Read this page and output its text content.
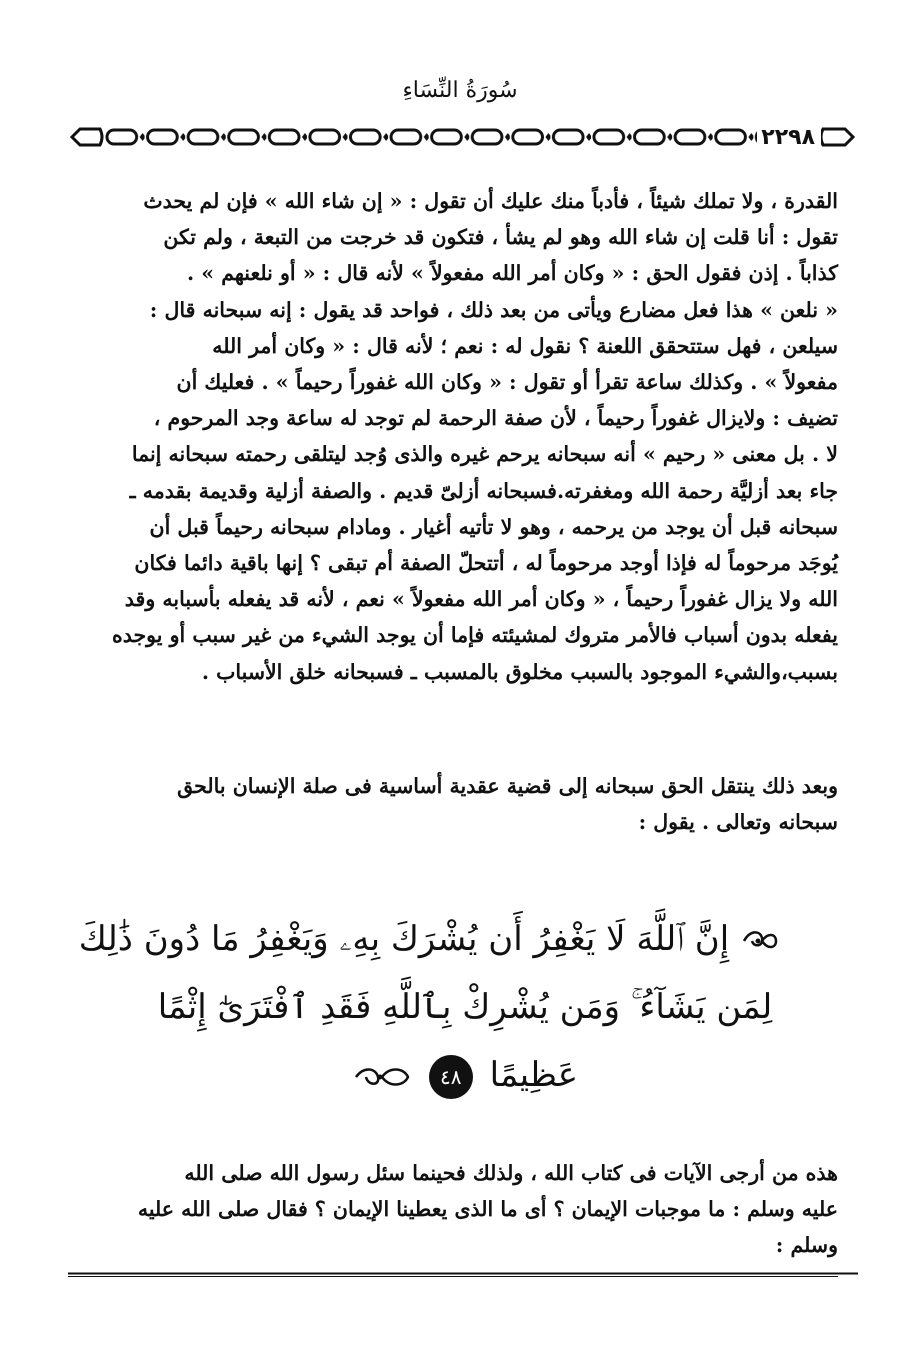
سُورَةُ النِّسَاءِ
٢٢٩٨
القدرة ، ولا تملك شيئاً ، فأدباً منك عليك أن تقول : « إن شاء الله » فإن لم يحدث
تقول : أنا قلت إن شاء الله وهو لم يشأ ، فتكون قد خرجت من التبعة ، ولم تكن
كذاباً . إذن فقول الحق : « وكان أمر الله مفعولاً » لأنه قال : « أو نلعنهم » .
« نلعن » هذا فعل مضارع ويأتى من بعد ذلك ، فواحد قد يقول : إنه سبحانه قال :
سيلعن ، فهل ستتحقق اللعنة ؟ نقول له : نعم ؛ لأنه قال : « وكان أمر الله
مفعولاً » . وكذلك ساعة تقرأ أو تقول : « وكان الله غفوراً رحيماً » . فعليك أن
تضيف : ولايزال غفوراً رحيماً ، لأن صفة الرحمة لم توجد له ساعة وجد المرحوم ،
لا . بل معنى « رحيم » أنه سبحانه يرحم غيره والذى وُجد ليتلقى رحمته سبحانه إنما
جاء بعد أزليَّة رحمة الله ومغفرته.فسبحانه أزلىّ قديم . والصفة أزلية وقديمة بقدمه ـ
سبحانه قبل أن يوجد من يرحمه ، وهو لا تأتيه أغيار . ومادام سبحانه رحيماً قبل أن
يُوجَد مرحوماً له فإذا أوجد مرحوماً له ، أتتحلّ الصفة أم تبقى ؟ إنها باقية دائما فكان
الله ولا يزال غفوراً رحيماً ، « وكان أمر الله مفعولاً » نعم ، لأنه قد يفعله بأسبابه وقد
يفعله بدون أسباب فالأمر متروك لمشيئته فإما أن يوجد الشيء من غير سبب أو يوجده
بسبب،والشيء الموجود بالسبب مخلوق بالمسبب ـ فسبحانه خلق الأسباب .
وبعد ذلك ينتقل الحق سبحانه إلى قضية عقدية أساسية فى صلة الإنسان بالحق
سبحانه وتعالى . يقول :
إِنَّ ٱللَّهَ لَا يَغْفِرُ أَن يُشْرَكَ بِهِۦ وَيَغْفِرُ مَا دُونَ ذَٰلِكَ
لِمَن يَشَآءُ ۚ وَمَن يُشْرِكْ بِٱللَّهِ فَقَدِ ٱفْتَرَىٰٓ إِثْمًا
عَظِيمًا ٤٨
هذه من أرجى الآيات فى كتاب الله ، ولذلك فحينما سئل رسول الله صلى الله
عليه وسلم : ما موجبات الإيمان ؟ أى ما الذى يعطينا الإيمان ؟ فقال صلى الله عليه
وسلم :
